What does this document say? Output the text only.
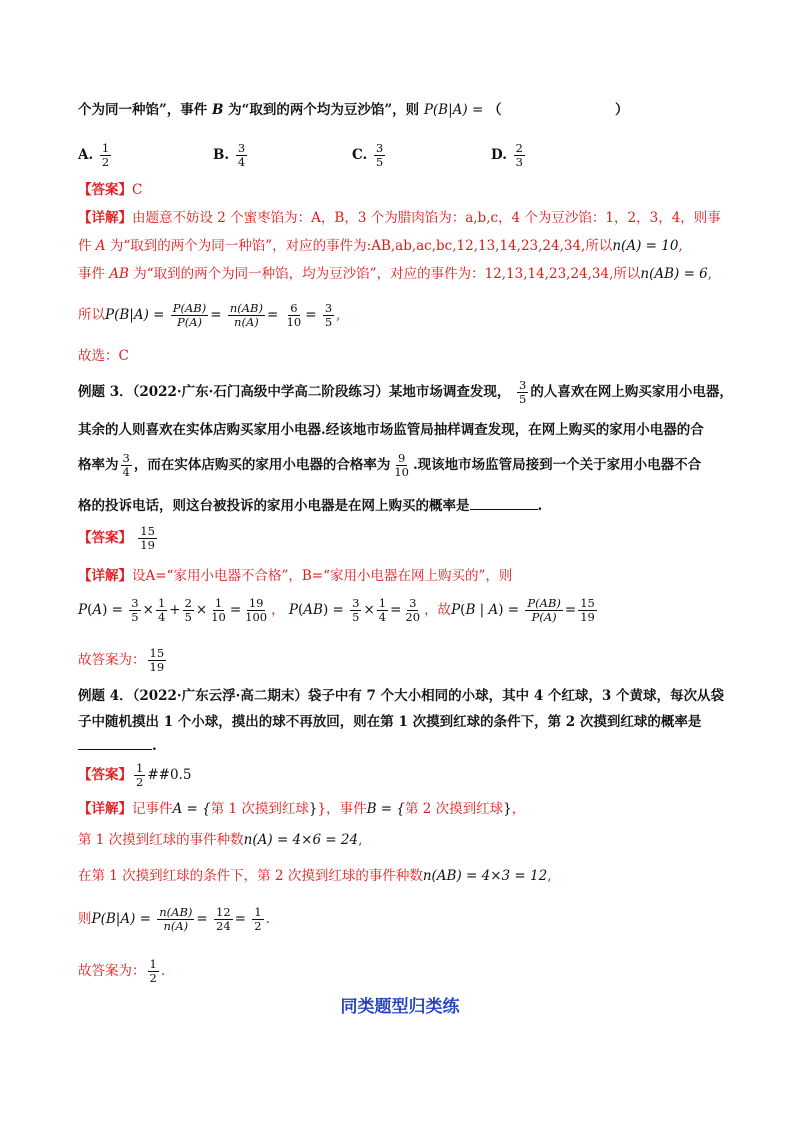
个为同一种馅”，事件 B 为“取到的两个均为豆沙馅”，则 P(B|A) = （	）
A. $\frac{1}{2}$	B. $\frac{3}{4}$	C. $\frac{3}{5}$	D. $\frac{2}{3}$
【答案】C
【详解】由题意不妨设 2 个蜜枣馅为：A，B，3 个为腊肉馅为：a,b,c，4 个为豆沙馅：1，2，3，4，则事
件 A 为“取到的两个为同一种馅”，对应的事件为:AB,ab,ac,bc,12,13,14,23,24,34,所以n(A) = 10,
事件 AB 为“取到的两个为同一种馅，均为豆沙馅”，对应的事件为：12,13,14,23,24,34,所以n(AB) = 6,
所以$P(B|A) = \frac{P(AB)}{P(A)} = \frac{n(AB)}{n(A)} = \frac{6}{10} = \frac{3}{5}$ ,
故选：C
例题 3．（2022·广东·石门高级中学高二阶段练习）某地市场调查发现， $\frac{3}{5}$ 的人喜欢在网上购买家用小电器，
其余的人则喜欢在实体店购买家用小电器.经该地市场监管局抽样调查发现，在网上购买的家用小电器的合
格率为 $\frac{3}{4}$ ，而在实体店购买的家用小电器的合格率为 $\frac{9}{10}$ .现该地市场监管局接到一个关于家用小电器不合
格的投诉电话，则这台被投诉的家用小电器是在网上购买的概率是	.
【答案】 $\frac{15}{19}$
【详解】设A=“家用小电器不合格”，B=“家用小电器在网上购买的”，则
$P(A) = \frac{3}{5} \times \frac{1}{4} + \frac{2}{5} \times \frac{1}{10} = \frac{19}{100}$ ， $P(AB) = \frac{3}{5} \times \frac{1}{4} = \frac{3}{20}$ ，故P(B | $A) = \frac{P(AB)}{P(A)} = \frac{15}{19}$
故答案为： $\frac{15}{19}$
例题 4．（2022·广东云浮·高二期末）袋子中有 7 个大小相同的小球，其中 4 个红球，3 个黄球，每次从袋
子中随机摸出 1 个小球，摸出的球不再放回，则在第 1 次摸到红球的条件下，第 2 次摸到红球的概率是
.
【答案】 $\frac{1}{2}$ ##0.5
【详解】记事件A = {第 1 次摸到红球}}，事件B = {第 2 次摸到红球}，
第 1 次摸到红球的事件种数n(A) = 4×6 = 24,
在第 1 次摸到红球的条件下，第 2 次摸到红球的事件种数n(AB) = 4×3 = 12,
则$P(B|A) = \frac{n(AB)}{n(A)} = \frac{12}{24} = \frac{1}{2}$ .
故答案为： $\frac{1}{2}$ .
同类题型归类练
